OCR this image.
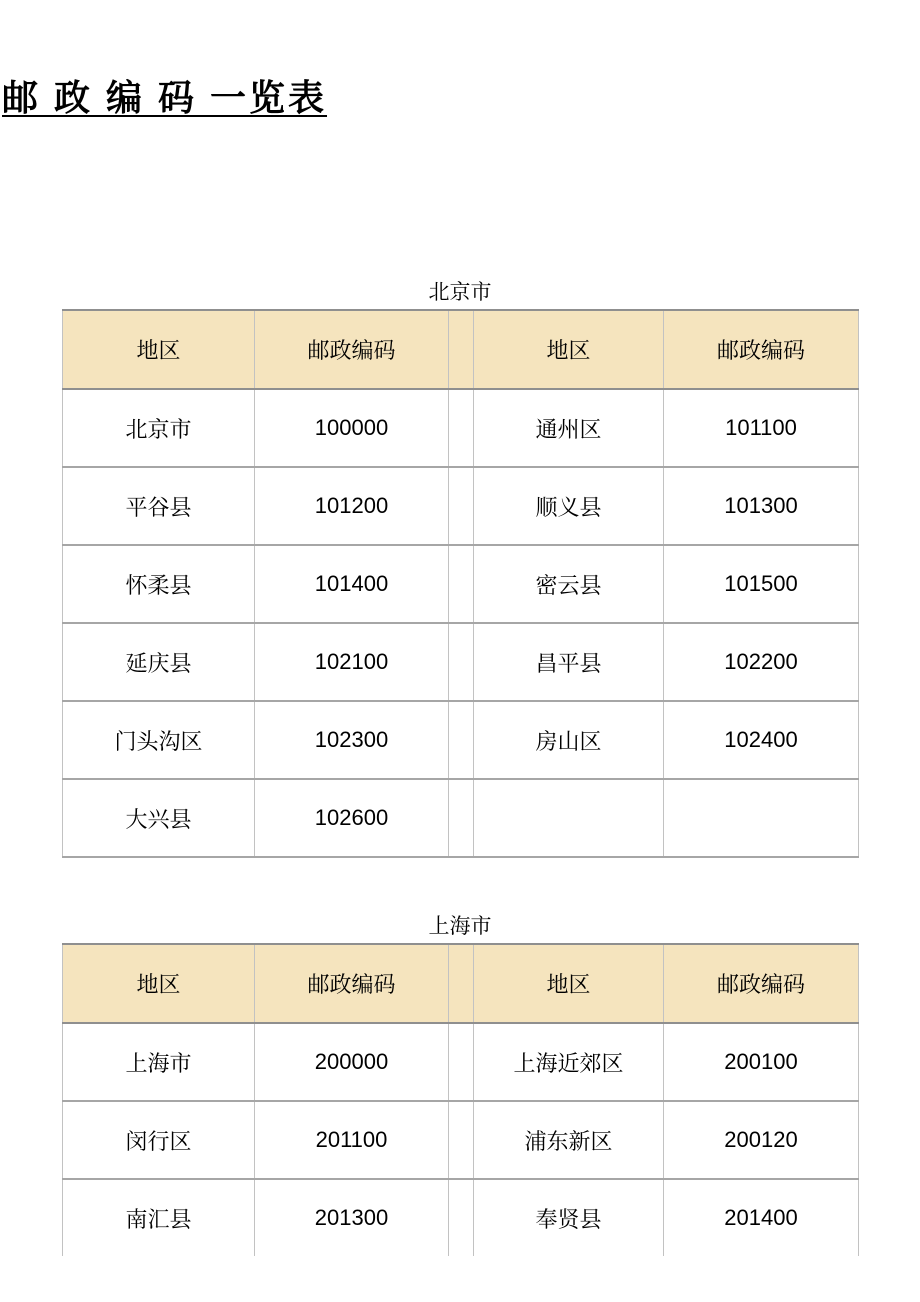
邮 政 编 码 一览表
北京市
地区	邮政编码		地区	邮政编码
北京市	100000		通州区	101100
平谷县	101200		顺义县	101300
怀柔县	101400		密云县	101500
延庆县	102100		昌平县	102200
门头沟区	102300		房山区	102400
大兴县	102600			
上海市
地区	邮政编码		地区	邮政编码
上海市	200000		上海近郊区	200100
闵行区	201100		浦东新区	200120
南汇县	201300		奉贤县	201400
